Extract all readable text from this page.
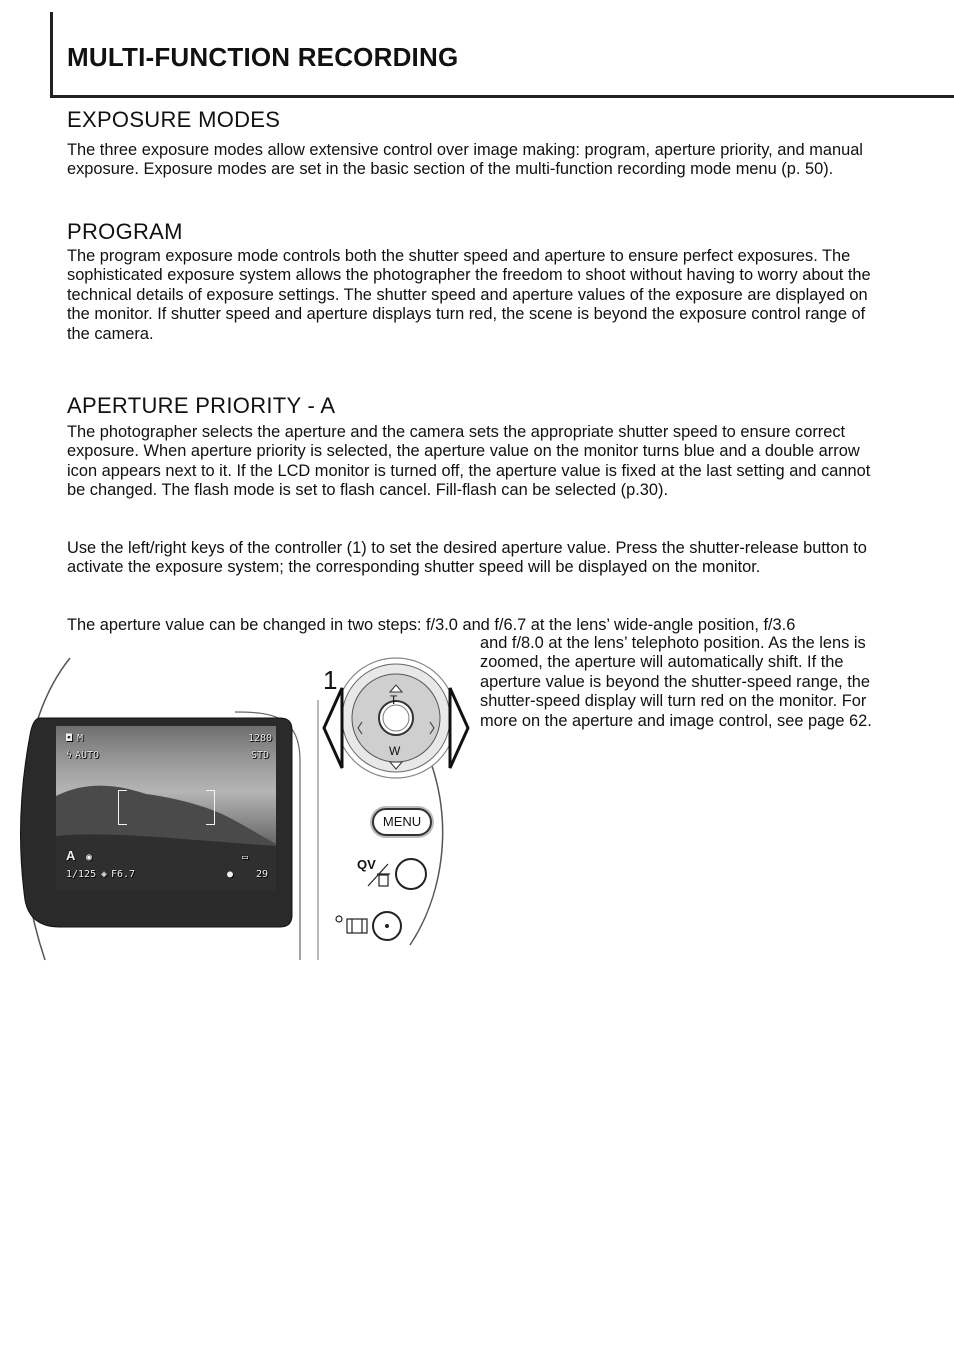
MULTI-FUNCTION RECORDING
EXPOSURE MODES

The three exposure modes allow extensive control over image making: program, aperture priority, and manual exposure. Exposure modes are set in the basic section of the multi-function recording mode menu (p. 50).

PROGRAM

The program exposure mode controls both the shutter speed and aperture to ensure perfect exposures. The sophisticated exposure system allows the photographer the freedom to shoot without having to worry about the technical details of exposure settings. The shutter speed and aperture values of the exposure are displayed on the monitor. If shutter speed and aperture displays turn red, the scene is beyond the exposure control range of the camera.

APERTURE PRIORITY - A

The photographer selects the aperture and the camera sets the appropriate shutter speed to ensure correct exposure. When aperture priority is selected, the aperture value on the monitor turns blue and a double arrow icon appears next to it. If the LCD monitor is turned off, the aperture value is fixed at the last setting and cannot be changed. The flash mode is set to flash cancel. Fill-flash can be selected (p.30).

Use the left/right keys of the controller (1) to set the desired aperture value. Press the shutter-release button to activate the exposure system; the corresponding shutter speed will be displayed on the monitor.

The aperture value can be changed in two steps: f/3.0 and f/6.7 at the lens’ wide-angle position, f/3.6

and f/8.0 at the lens’ telephoto position. As the lens is zoomed, the aperture will automatically shift. If the aperture value is beyond the shutter-speed range, the shutter-speed display will turn red on the monitor. For more on the aperture and image control, see page 62.

◘ M
ϟ AUTO
1280
STD
A ◉	▭
1/125 ◈ F6.7	● 29
1
T
W
MENU
QV
